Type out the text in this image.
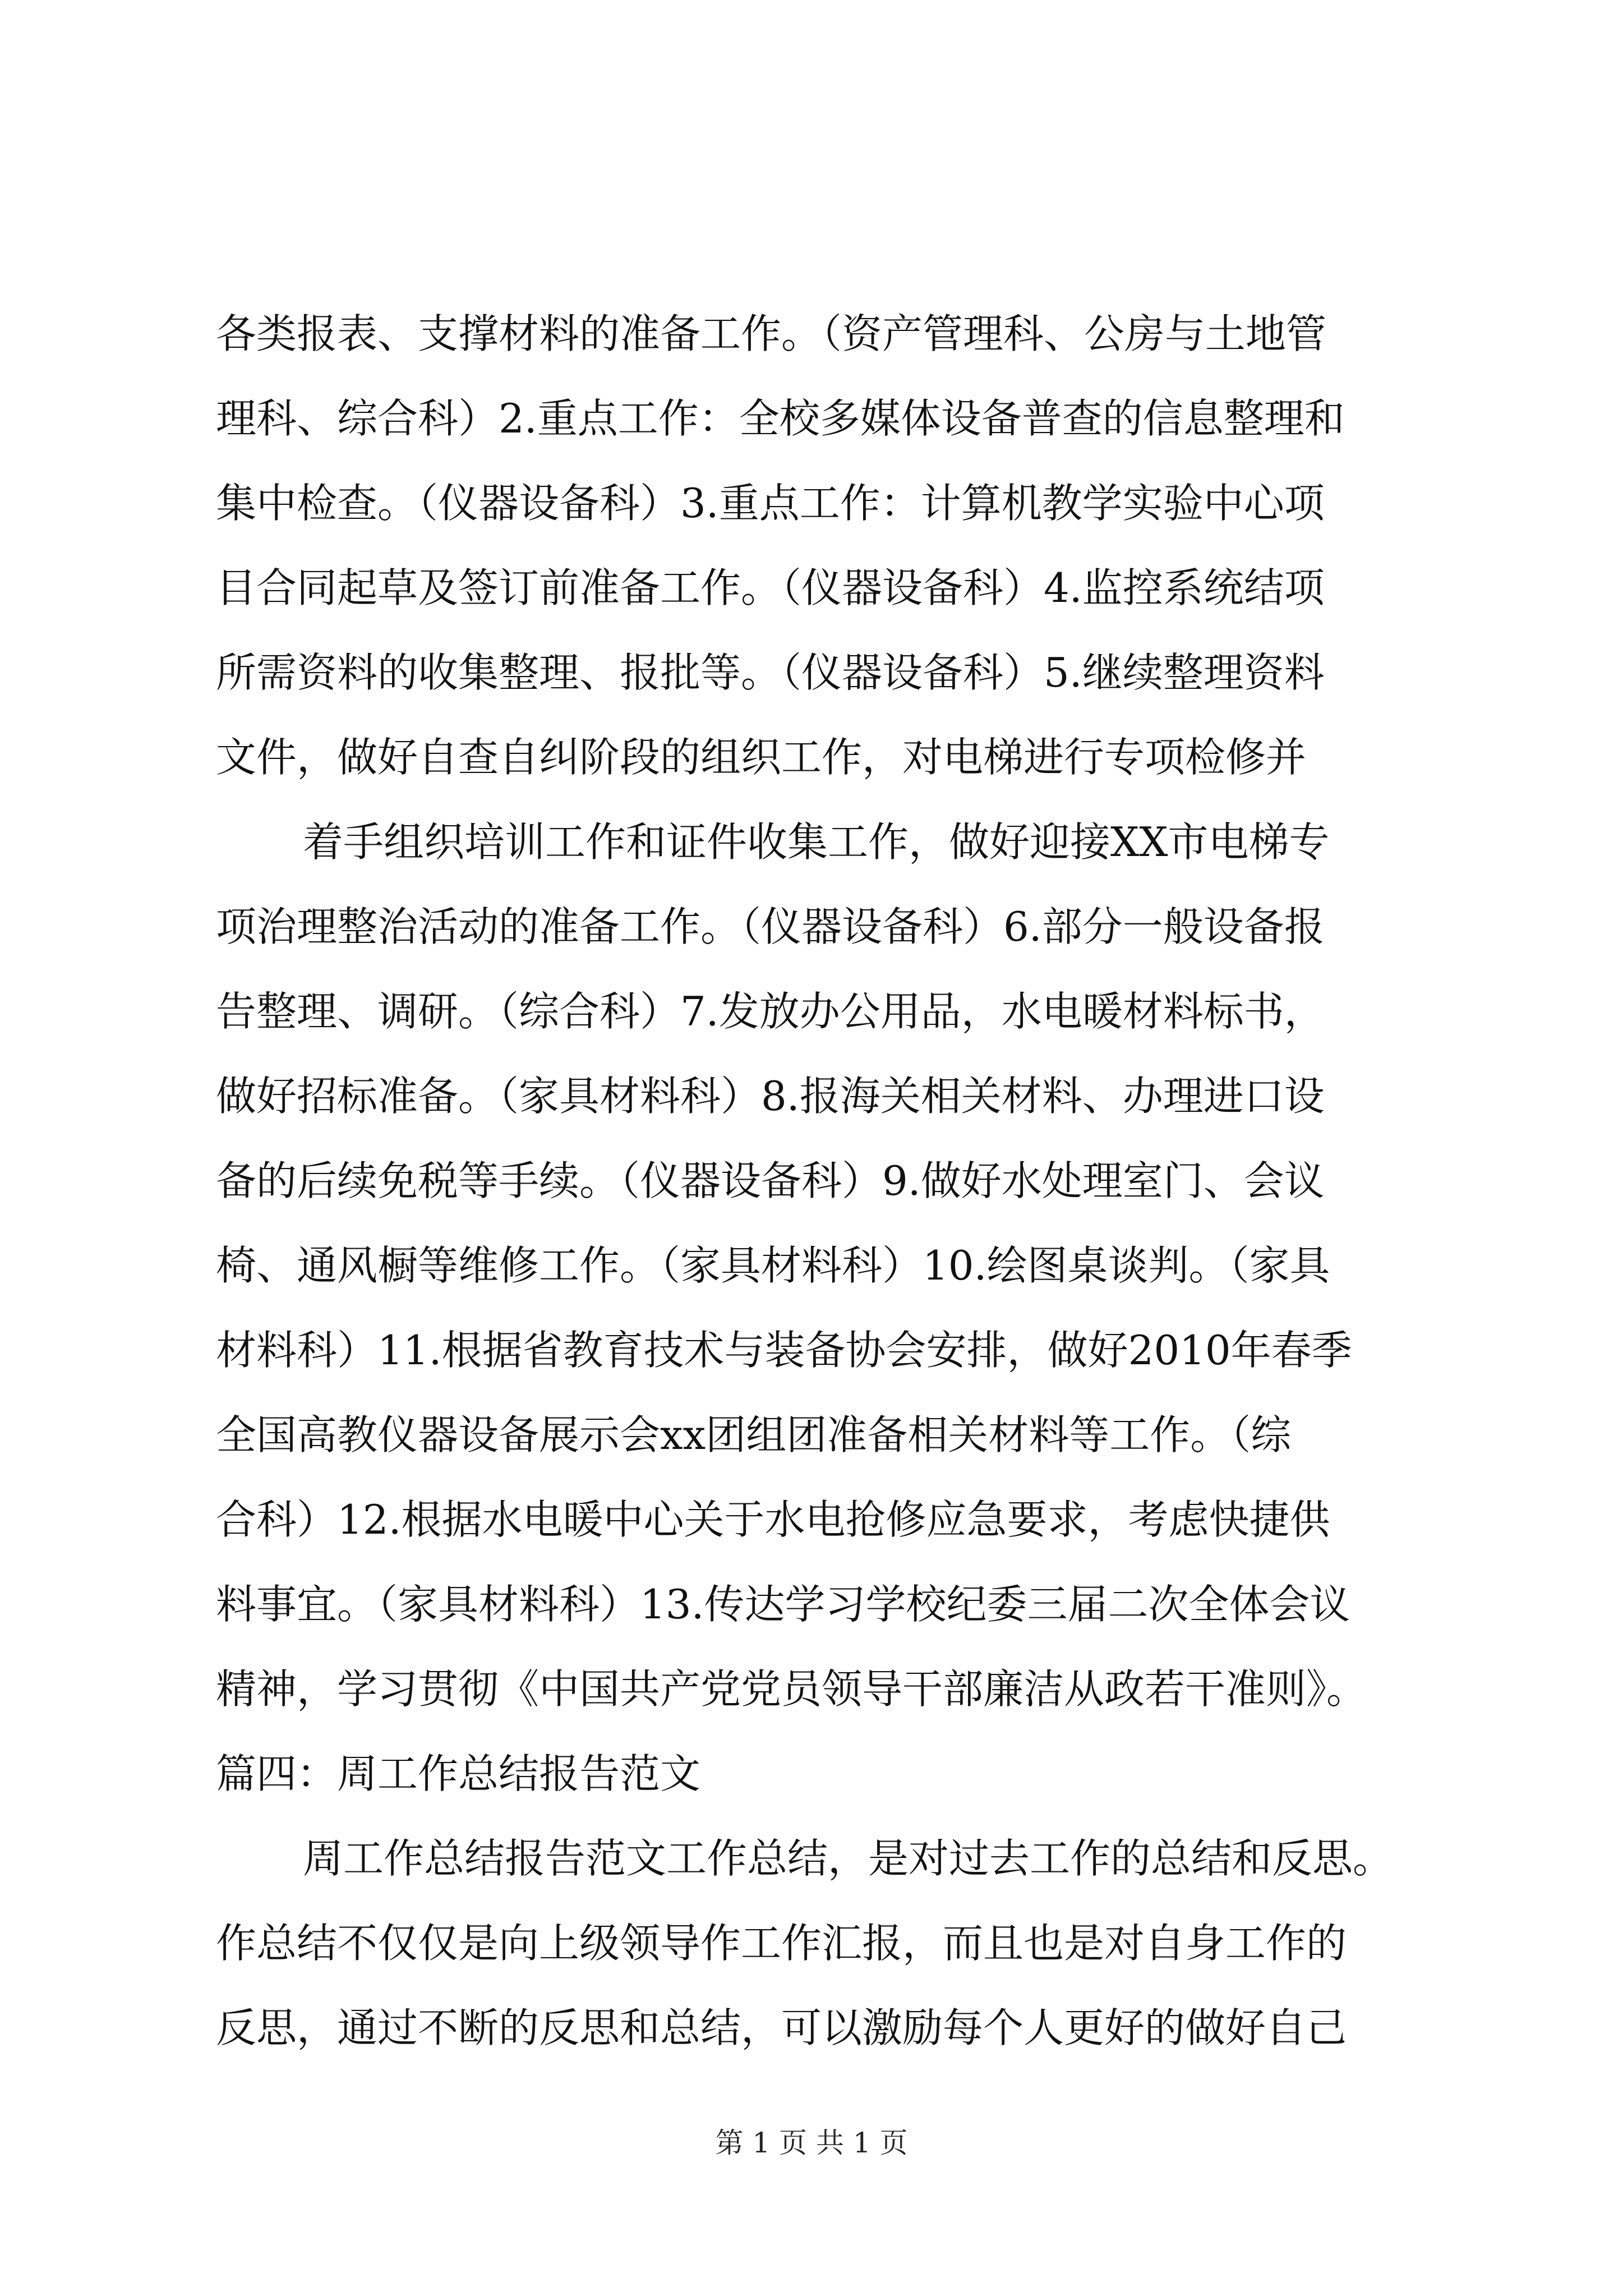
各类报表、支撑材料的准备工作。（资产管理科、公房与土地管
理科、综合科）2.重点工作：全校多媒体设备普查的信息整理和
集中检查。（仪器设备科）3.重点工作：计算机教学实验中心项
目合同起草及签订前准备工作。（仪器设备科）4.监控系统结项
所需资料的收集整理、报批等。（仪器设备科）5.继续整理资料
文件，做好自查自纠阶段的组织工作，对电梯进行专项检修并
着手组织培训工作和证件收集工作，做好迎接XX市电梯专
项治理整治活动的准备工作。（仪器设备科）6.部分一般设备报
告整理、调研。（综合科）7.发放办公用品，水电暖材料标书，
做好招标准备。（家具材料科）8.报海关相关材料、办理进口设
备的后续免税等手续。（仪器设备科）9.做好水处理室门、会议
椅、通风橱等维修工作。（家具材料科）10.绘图桌谈判。（家具
材料科）11.根据省教育技术与装备协会安排，做好2010年春季
全国高教仪器设备展示会xx团组团准备相关材料等工作。（综
合科）12.根据水电暖中心关于水电抢修应急要求，考虑快捷供
料事宜。（家具材料科）13.传达学习学校纪委三届二次全体会议
精神，学习贯彻《中国共产党党员领导干部廉洁从政若干准则》。
篇四：周工作总结报告范文
周工作总结报告范文工作总结，是对过去工作的总结和反思。
作总结不仅仅是向上级领导作工作汇报，而且也是对自身工作的
反思，通过不断的反思和总结，可以激励每个人更好的做好自己
第 1 页 共 1 页
